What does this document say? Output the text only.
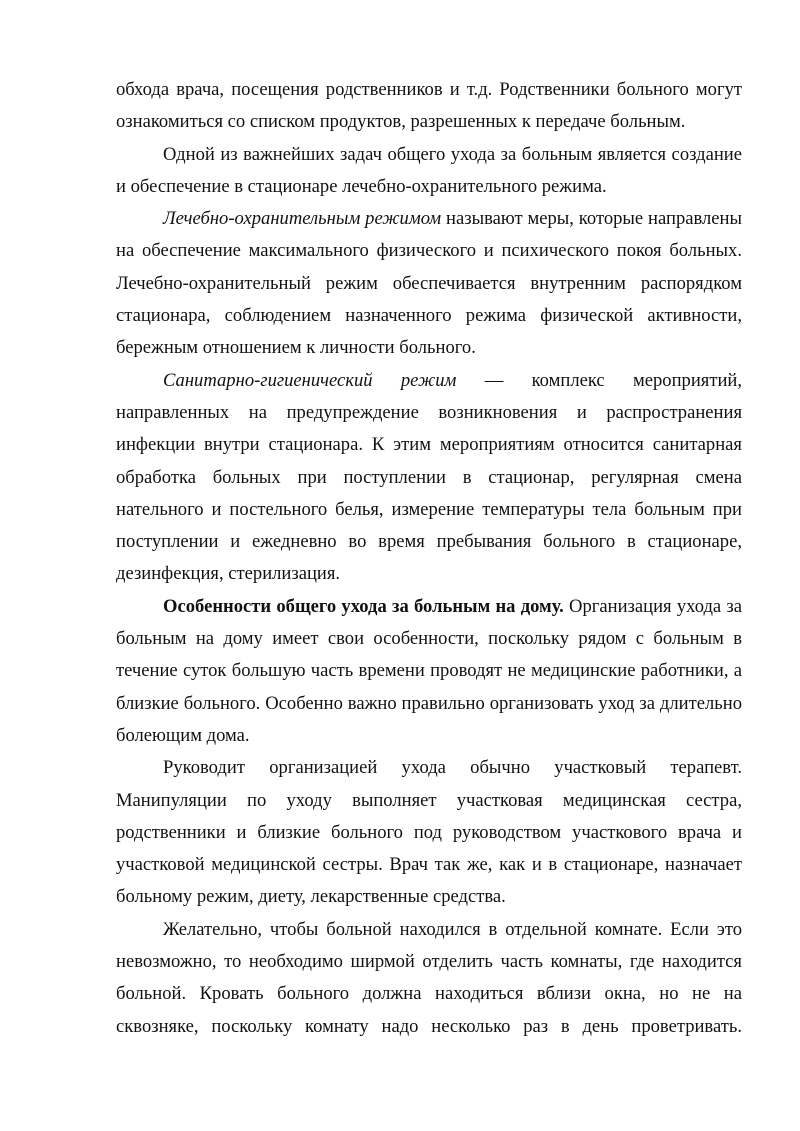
обхода врача, посещения родственников и т.д. Родственники больного могут ознакомиться со списком продуктов, разрешенных к передаче больным.

Одной из важнейших задач общего ухода за больным является создание и обеспечение в стационаре лечебно-охранительного режима.

Лечебно-охранительным режимом называют меры, которые направлены на обеспечение максимального физического и психического покоя больных. Лечебно-охранительный режим обеспечивается внутренним распорядком стационара, соблюдением назначенного режима физической активности, бережным отношением к личности больного.

Санитарно-гигиенический режим — комплекс мероприятий, направленных на предупреждение возникновения и распространения инфекции внутри стационара. К этим мероприятиям относится санитарная обработка больных при поступлении в стационар, регулярная смена нательного и постельного белья, измерение температуры тела больным при поступлении и ежедневно во время пребывания больного в стационаре, дезинфекция, стерилизация.

Особенности общего ухода за больным на дому. Организация ухода за больным на дому имеет свои особенности, поскольку рядом с больным в течение суток большую часть времени проводят не медицинские работники, а близкие больного. Особенно важно правильно организовать уход за длительно болеющим дома.

Руководит организацией ухода обычно участковый терапевт. Манипуляции по уходу выполняет участковая медицинская сестра, родственники и близкие больного под руководством участкового врача и участковой медицинской сестры. Врач так же, как и в стационаре, назначает больному режим, диету, лекарственные средства.

Желательно, чтобы больной находился в отдельной комнате. Если это невозможно, то необходимо ширмой отделить часть комнаты, где находится больной. Кровать больного должна находиться вблизи окна, но не на сквозняке, поскольку комнату надо несколько раз в день проветривать.
